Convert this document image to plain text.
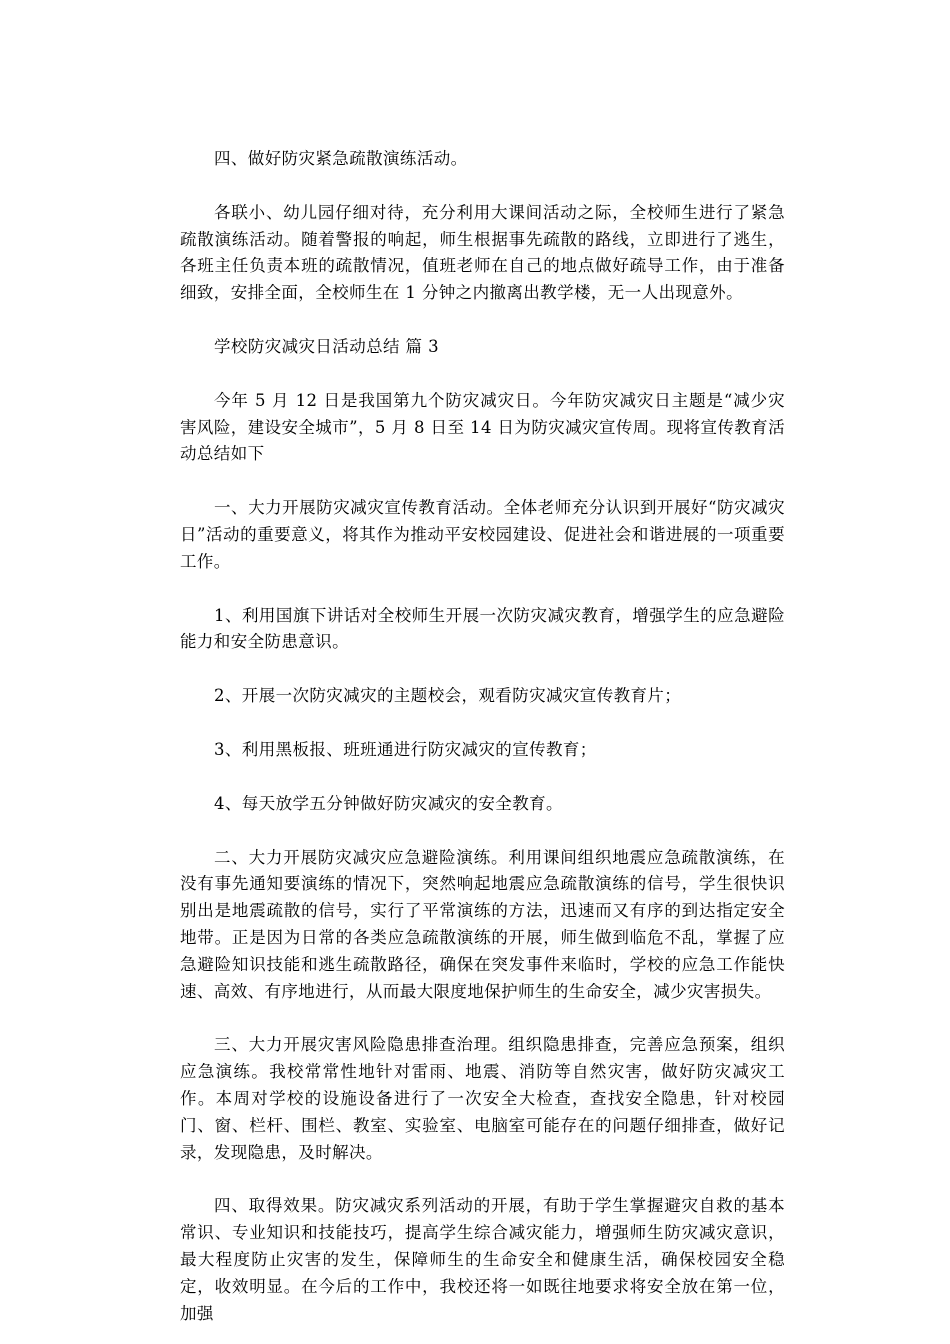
四、做好防灾紧急疏散演练活动。

各联小、幼儿园仔细对待，充分利用大课间活动之际，全校师生进行了紧急疏散演练活动。随着警报的响起，师生根据事先疏散的路线，立即进行了逃生，各班主任负责本班的疏散情况，值班老师在自己的地点做好疏导工作，由于准备细致，安排全面，全校师生在 1 分钟之内撤离出教学楼，无一人出现意外。

学校防灾减灾日活动总结 篇 3

今年 5 月 12 日是我国第九个防灾减灾日。今年防灾减灾日主题是“减少灾害风险，建设安全城市”，5 月 8 日至 14 日为防灾减灾宣传周。现将宣传教育活动总结如下

一、大力开展防灾减灾宣传教育活动。全体老师充分认识到开展好“防灾减灾日”活动的重要意义，将其作为推动平安校园建设、促进社会和谐进展的一项重要工作。

1、利用国旗下讲话对全校师生开展一次防灾减灾教育，增强学生的应急避险能力和安全防患意识。

2、开展一次防灾减灾的主题校会，观看防灾减灾宣传教育片；

3、利用黑板报、班班通进行防灾减灾的宣传教育；

4、每天放学五分钟做好防灾减灾的安全教育。

二、大力开展防灾减灾应急避险演练。利用课间组织地震应急疏散演练，在没有事先通知要演练的情况下，突然响起地震应急疏散演练的信号，学生很快识别出是地震疏散的信号，实行了平常演练的方法，迅速而又有序的到达指定安全地带。正是因为日常的各类应急疏散演练的开展，师生做到临危不乱，掌握了应急避险知识技能和逃生疏散路径，确保在突发事件来临时，学校的应急工作能快速、高效、有序地进行，从而最大限度地保护师生的生命安全，减少灾害损失。

三、大力开展灾害风险隐患排查治理。组织隐患排查，完善应急预案，组织应急演练。我校常常性地针对雷雨、地震、消防等自然灾害，做好防灾减灾工作。本周对学校的设施设备进行了一次安全大检查，查找安全隐患，针对校园门、窗、栏杆、围栏、教室、实验室、电脑室可能存在的问题仔细排查，做好记录，发现隐患，及时解决。

四、取得效果。防灾减灾系列活动的开展，有助于学生掌握避灾自救的基本常识、专业知识和技能技巧，提高学生综合减灾能力，增强师生防灾减灾意识，最大程度防止灾害的发生，保障师生的生命安全和健康生活，确保校园安全稳定，收效明显。在今后的工作中，我校还将一如既往地要求将安全放在第一位，加强
